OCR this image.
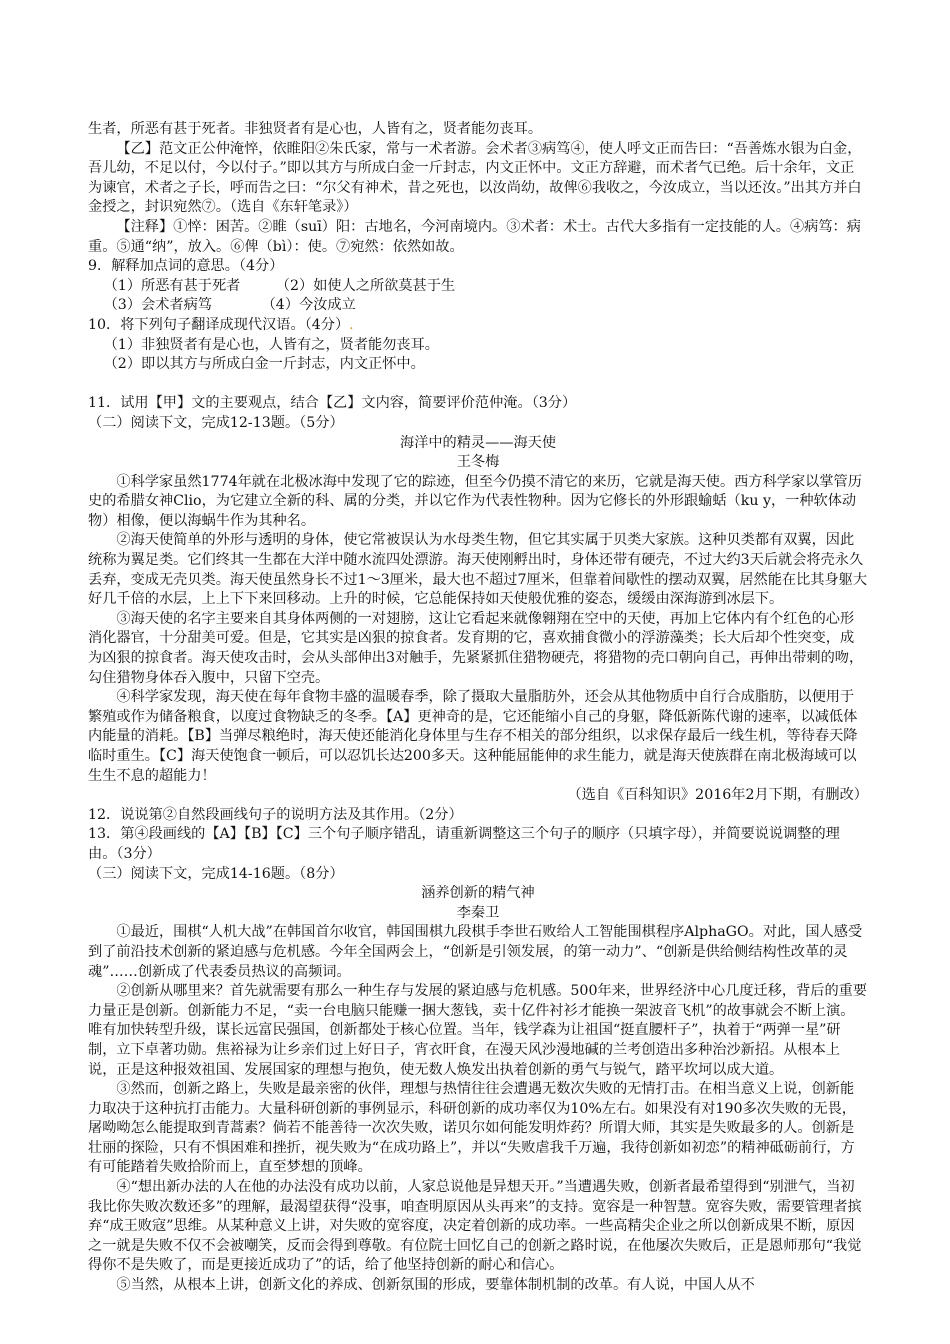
生者，所恶有甚于死者。非独贤者有是心也，人皆有之，贤者能勿丧耳。
【乙】范文正公仲淹悴，依睢阳②朱氏家，常与一术者游。会术者③病笃④，使人呼文正而告曰：“吾善炼水银为白金，吾儿幼，不足以付，今以付子。”即以其方与所成白金一斤封志，内文正怀中。文正方辞避，而术者气已绝。后十余年，文正为谏官，术者之子长，呼而告之曰：“尔父有神术，昔之死也，以汝尚幼，故俾⑥我收之，今汝成立，当以还汝。”出其方并白金授之，封识宛然⑦。（选自《东轩笔录》）
【注释】①悴：困苦。②睢（suī）阳：古地名，今河南境内。③术者：术士。古代大多指有一定技能的人。④病笃：病重。⑤通“纳”，放入。⑥俾（bì）：使。⑦宛然：依然如故。
9．解释加点词的意思。（4分）
（1）所恶有甚于死者　　　（2）如使人之所欲莫甚于生
（3）会术者病笃　　　　（4）今汝成立
10．将下列句子翻译成现代汉语。（4分）.
（1）非独贤者有是心也，人皆有之，贤者能勿丧耳。
（2）即以其方与所成白金一斤封志，内文正怀中。
11．试用【甲】文的主要观点，结合【乙】文内容，简要评价范仲淹。（3分）
（二）阅读下文，完成12-13题。（5分）
海洋中的精灵——海天使
王冬梅
①科学家虽然1774年就在北极冰海中发现了它的踪迹，但至今仍摸不清它的来历，它就是海天使。西方科学家以掌管历史的希腊女神Clio，为它建立全新的科、属的分类，并以它作为代表性物种。因为它修长的外形跟蝓蛞（ku y，一种软体动物）相像，便以海蜗牛作为其种名。
②海天使简单的外形与透明的身体，使它常被误认为水母类生物，但它其实属于贝类大家族。这种贝类都有双翼，因此统称为翼足类。它们终其一生都在大洋中随水流四处漂游。海天使刚孵出时，身体还带有硬壳，不过大约3天后就会将壳永久丢弃，变成无壳贝类。海天使虽然身长不过1～3厘米，最大也不超过7厘米，但靠着间歇性的摆动双翼，居然能在比其身躯大好几千倍的水层，上上下下来回移动。上升的时候，它总能保持如天使般优雅的姿态，缓缓由深海游到冰层下。
③海天使的名字主要来自其身体两侧的一对翅膀，这让它看起来就像翱翔在空中的天使，再加上它体内有个红色的心形消化器官，十分甜美可爱。但是，它其实是凶狠的掠食者。发育期的它，喜欢捕食微小的浮游藻类；长大后却个性突变，成为凶狠的掠食者。海天使攻击时，会从头部伸出3对触手，先紧紧抓住猎物硬壳，将猎物的壳口朝向自己，再伸出带刺的吻，勾住猎物身体吞入腹中，只留下空壳。
④科学家发现，海天使在每年食物丰盛的温暖春季，除了摄取大量脂肪外，还会从其他物质中自行合成脂肪，以便用于繁殖或作为储备粮食，以度过食物缺乏的冬季。【A】更神奇的是，它还能缩小自己的身躯，降低新陈代谢的速率，以减低体内能量的消耗。【B】当弹尽粮绝时，海天使还能消化身体里与生存不相关的部分组织，以求保存最后一线生机，等待春天降临时重生。【C】海天使饱食一顿后，可以忍饥长达200多天。这种能屈能伸的求生能力，就是海天使族群在南北极海域可以生生不息的超能力！
（选自《百科知识》2016年2月下期，有删改）
12．说说第②自然段画线句子的说明方法及其作用。（2分）
13．第④段画线的【A】【B】【C】三个句子顺序错乱，请重新调整这三个句子的顺序（只填字母），并简要说说调整的理由。（3分）
（三）阅读下文，完成14-16题。（8分）
涵养创新的精气神
李秦卫
①最近，围棋“人机大战”在韩国首尔收官，韩国围棋九段棋手李世石败给人工智能围棋程序AlphaGO。对此，国人感受到了前沿技术创新的紧迫感与危机感。今年全国两会上，“创新是引领发展，的第一动力”、“创新是供给侧结构性改革的灵魂”……创新成了代表委员热议的高频词。
②创新从哪里来？首先就需要有那么一种生存与发展的紧迫感与危机感。500年来，世界经济中心几度迁移，背后的重要力量正是创新。创新能力不足，“卖一台电脑只能赚一捆大葱钱，卖十亿件衬衫才能换一架波音飞机”的故事就会不断上演。唯有加快转型升级，谋长远富民强国，创新都处于核心位置。当年，钱学森为让祖国“挺直腰杆子”，执着于“两弹一星”研制，立下卓著功勋。焦裕禄为让乡亲们过上好日子，宵衣旰食，在漫天风沙漫地碱的兰考创造出多种治沙新招。从根本上说，正是这种报效祖国、发展国家的理想与抱负，使无数人焕发出执着创新的勇气与锐气，踏平坎坷以成大道。
③然而，创新之路上，失败是最亲密的伙伴，理想与热情往往会遭遇无数次失败的无情打击。在相当意义上说，创新能力取决于这种抗打击能力。大量科研创新的事例显示，科研创新的成功率仅为10%左右。如果没有对190多次失败的无畏，屠呦呦怎么能提取到青蒿素？倘若不能善待一次次失败，诺贝尔如何能发明炸药？所谓大师，其实是失败最多的人。创新是壮丽的探险，只有不惧困难和挫折，视失败为“在成功路上”，并以“失败虐我千万遍，我待创新如初恋”的精神砥砺前行，方有可能踏着失败拾阶而上，直至梦想的顶峰。
④“想出新办法的人在他的办法没有成功以前，人家总说他是异想天开。”当遭遇失败，创新者最希望得到“别泄气，当初我比你失败次数还多”的理解，最渴望获得“没事，咱查明原因从头再来”的支持。宽容是一种智慧。宽容失败，需要管理者摈弃“成王败寇”思维。从某种意义上讲，对失败的宽容度，决定着创新的成功率。一些高精尖企业之所以创新成果不断，原因之一就是失败不仅不会被嘲笑，反而会得到尊敬。有位院士回忆自己的创新之路时说，在他屡次失败后，正是恩师那句“我觉得你不是失败了，而是更接近成功了”的话，给了他坚持创新的耐心和信心。
⑤当然，从根本上讲，创新文化的养成、创新氛围的形成，要靠体制机制的改革。有人说，中国人从不
